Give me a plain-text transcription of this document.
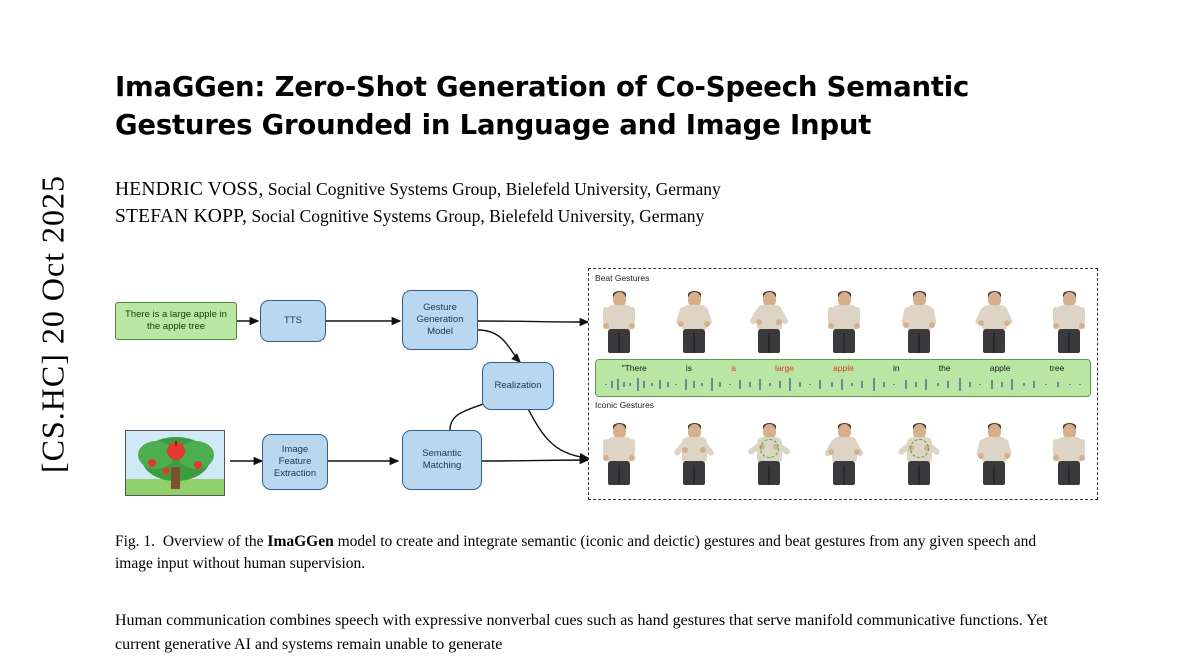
[CS.HC] 20 Oct 2025
ImaGGen: Zero-Shot Generation of Co-Speech Semantic Gestures Grounded in Language and Image Input
HENDRIC VOSS, Social Cognitive Systems Group, Bielefeld University, Germany
STEFAN KOPP, Social Cognitive Systems Group, Bielefeld University, Germany
There is a large apple in the apple tree
TTS
Gesture Generation Model
Realization
Image Feature Extraction
Semantic Matching
Beat Gestures
"There	is	a	large	apple	in	the	apple	tree
Iconic Gestures
Fig. 1. Overview of the ImaGGen model to create and integrate semantic (iconic and deictic) gestures and beat gestures from any given speech and image input without human supervision.
Human communication combines speech with expressive nonverbal cues such as hand gestures that serve manifold communicative functions. Yet current generative AI and systems remain unable to generate
